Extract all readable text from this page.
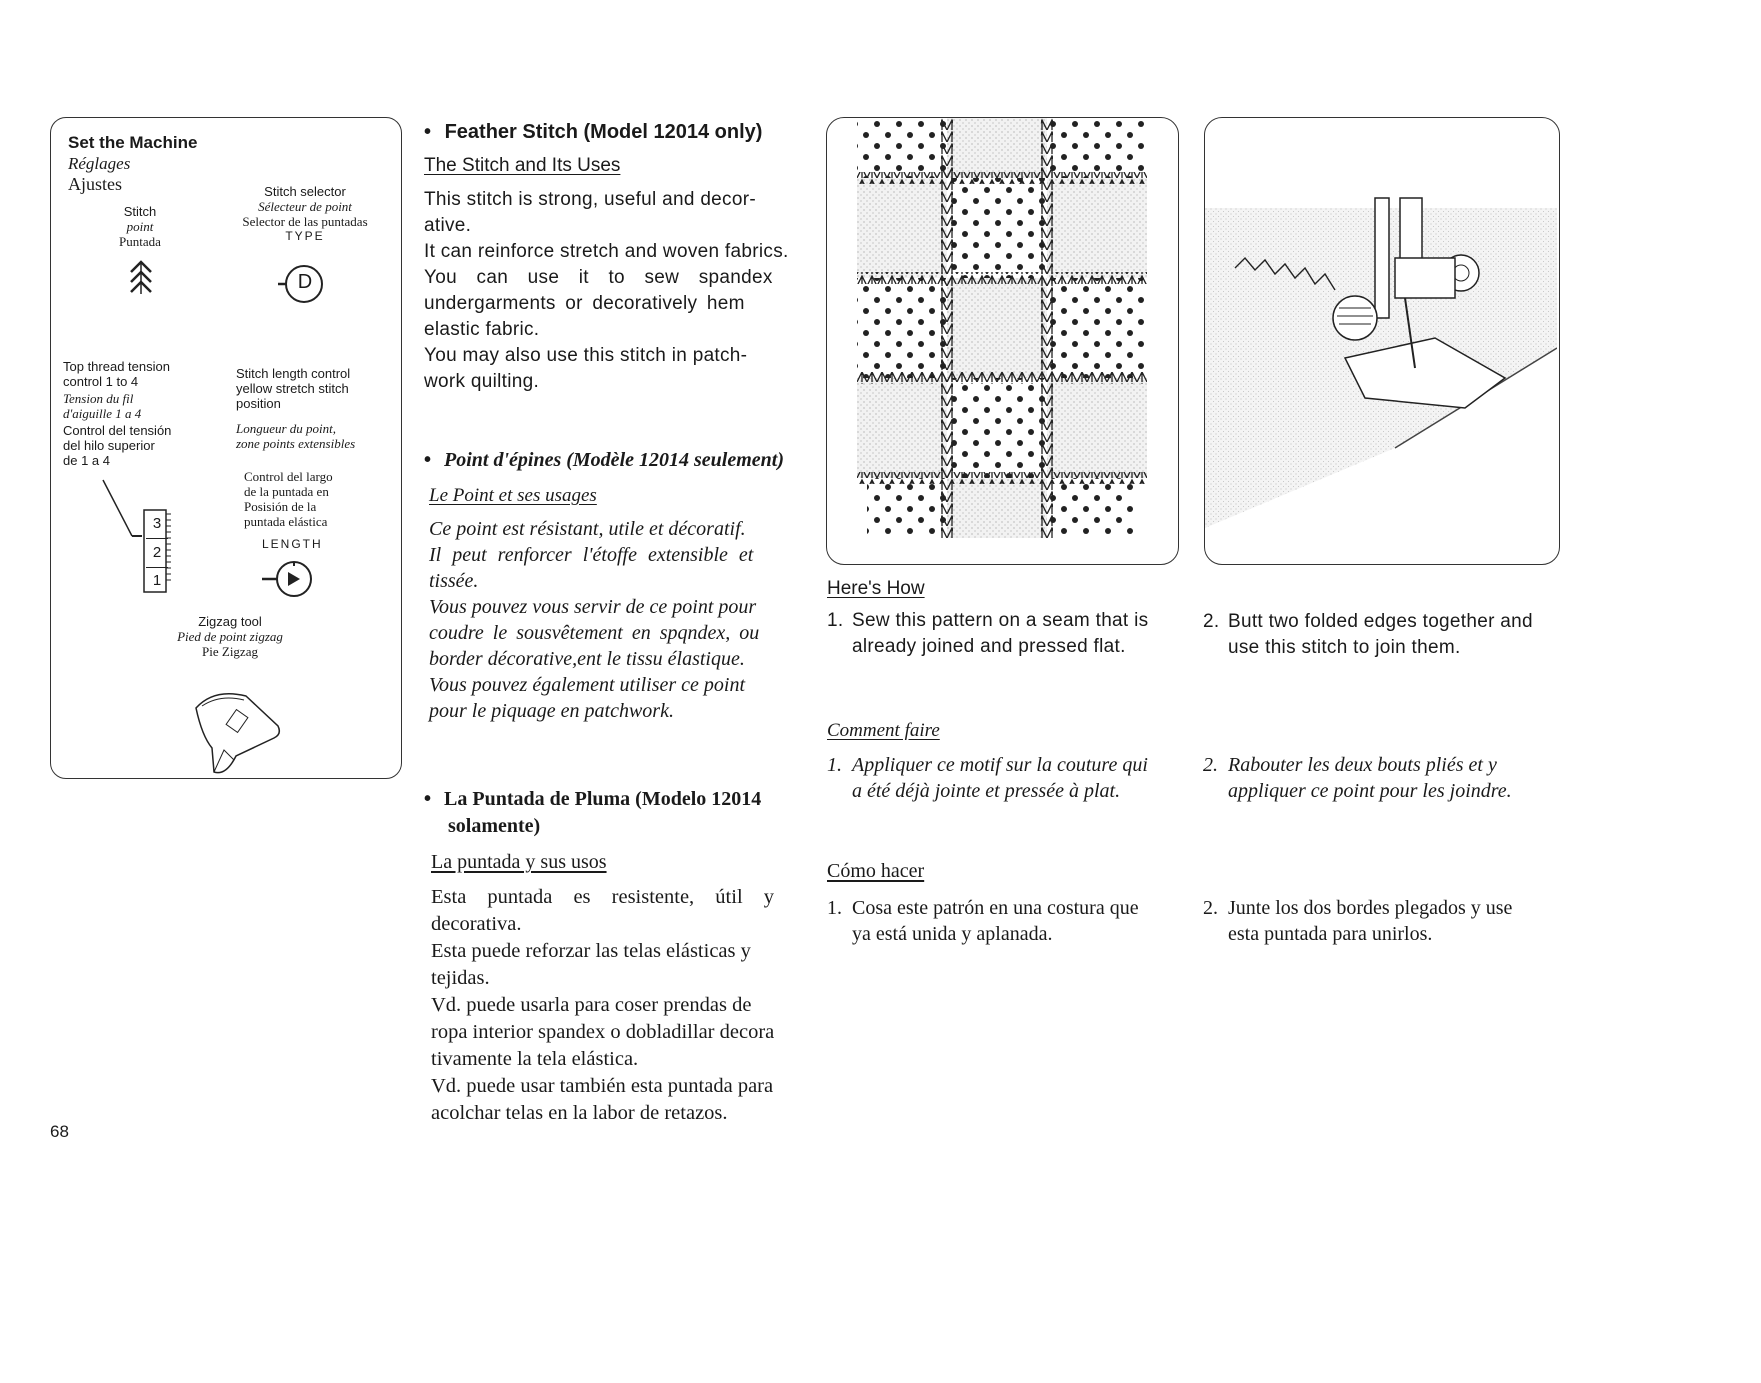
Set the Machine
Réglages
Ajustes
Stitch
point
Puntada
Stitch selector
Sélecteur de point
Selector de las puntadas
TYPE
D
Top thread tension
control 1 to 4
Tension du fil
d'aiguille 1 a 4
Control del tensión
del hilo superior
de 1 a 4
3
2
1
Stitch length control
yellow stretch stitch
position
Longueur du point,
zone points extensibles
Control del largo
de la puntada en
Posisión de la
puntada elástica
LENGTH
Zigzag tool
Pied de point zigzag
Pie Zigzag
• Feather Stitch (Model 12014 only)
The Stitch and Its Uses

This stitch is strong, useful and decor-

ative.

It can reinforce stretch and woven fabrics.

You can use it to sew spandex

undergarments or decoratively hem

elastic fabric.

You may also use this stitch in patch-

work quilting.

• Point d'épines (Modèle 12014 seulement)
Le Point et ses usages

Ce point est résistant, utile et décoratif.

Il peut renforcer l'étoffe extensible et

tissée.

Vous pouvez vous servir de ce point pour

coudre le sousvêtement en spqndex, ou

border décorative,ent le tissu élastique.

Vous pouvez également utiliser ce point

pour le piquage en patchwork.

• La Puntada de Pluma (Modelo 12014
solamente)
La puntada y sus usos

Esta puntada es resistente, útil y

decorativa.

Esta puede reforzar las telas elásticas y

tejidas.

Vd. puede usarla para coser prendas de

ropa interior spandex o dobladillar decora

tivamente la tela elástica.

Vd. puede usar también esta puntada para

acolchar telas en la labor de retazos.

Here's How
1. Sew this pattern on a seam that is
already joined and pressed flat.
2. Butt two folded edges together and
use this stitch to join them.
Comment faire
1. Appliquer ce motif sur la couture qui
a été déjà jointe et pressée à plat.
2. Rabouter les deux bouts pliés et y
appliquer ce point pour les joindre.
Cómo hacer
1. Cosa este patrón en una costura que
ya está unida y aplanada.
2. Junte los dos bordes plegados y use
esta puntada para unirlos.
68
